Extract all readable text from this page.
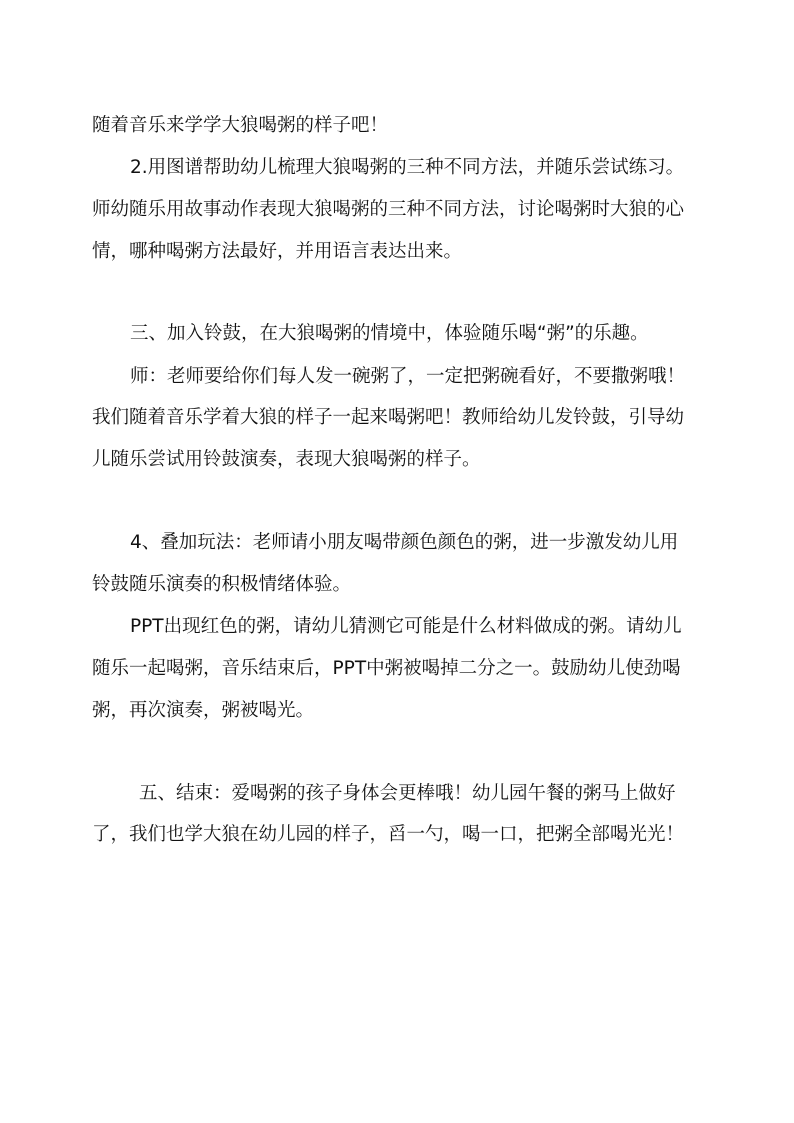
随着音乐来学学大狼喝粥的样子吧！
2.用图谱帮助幼儿梳理大狼喝粥的三种不同方法，并随乐尝试练习。
师幼随乐用故事动作表现大狼喝粥的三种不同方法，讨论喝粥时大狼的心
情，哪种喝粥方法最好，并用语言表达出来。
三、加入铃鼓，在大狼喝粥的情境中，体验随乐喝“粥”的乐趣。
师：老师要给你们每人发一碗粥了，一定把粥碗看好，不要撒粥哦！
我们随着音乐学着大狼的样子一起来喝粥吧！教师给幼儿发铃鼓，引导幼
儿随乐尝试用铃鼓演奏，表现大狼喝粥的样子。
4、叠加玩法：老师请小朋友喝带颜色颜色的粥，进一步激发幼儿用
铃鼓随乐演奏的积极情绪体验。
PPT出现红色的粥，请幼儿猜测它可能是什么材料做成的粥。请幼儿
随乐一起喝粥，音乐结束后，PPT中粥被喝掉二分之一。鼓励幼儿使劲喝
粥，再次演奏，粥被喝光。
五、结束：爱喝粥的孩子身体会更棒哦！幼儿园午餐的粥马上做好
了，我们也学大狼在幼儿园的样子，舀一勺，喝一口，把粥全部喝光光！
